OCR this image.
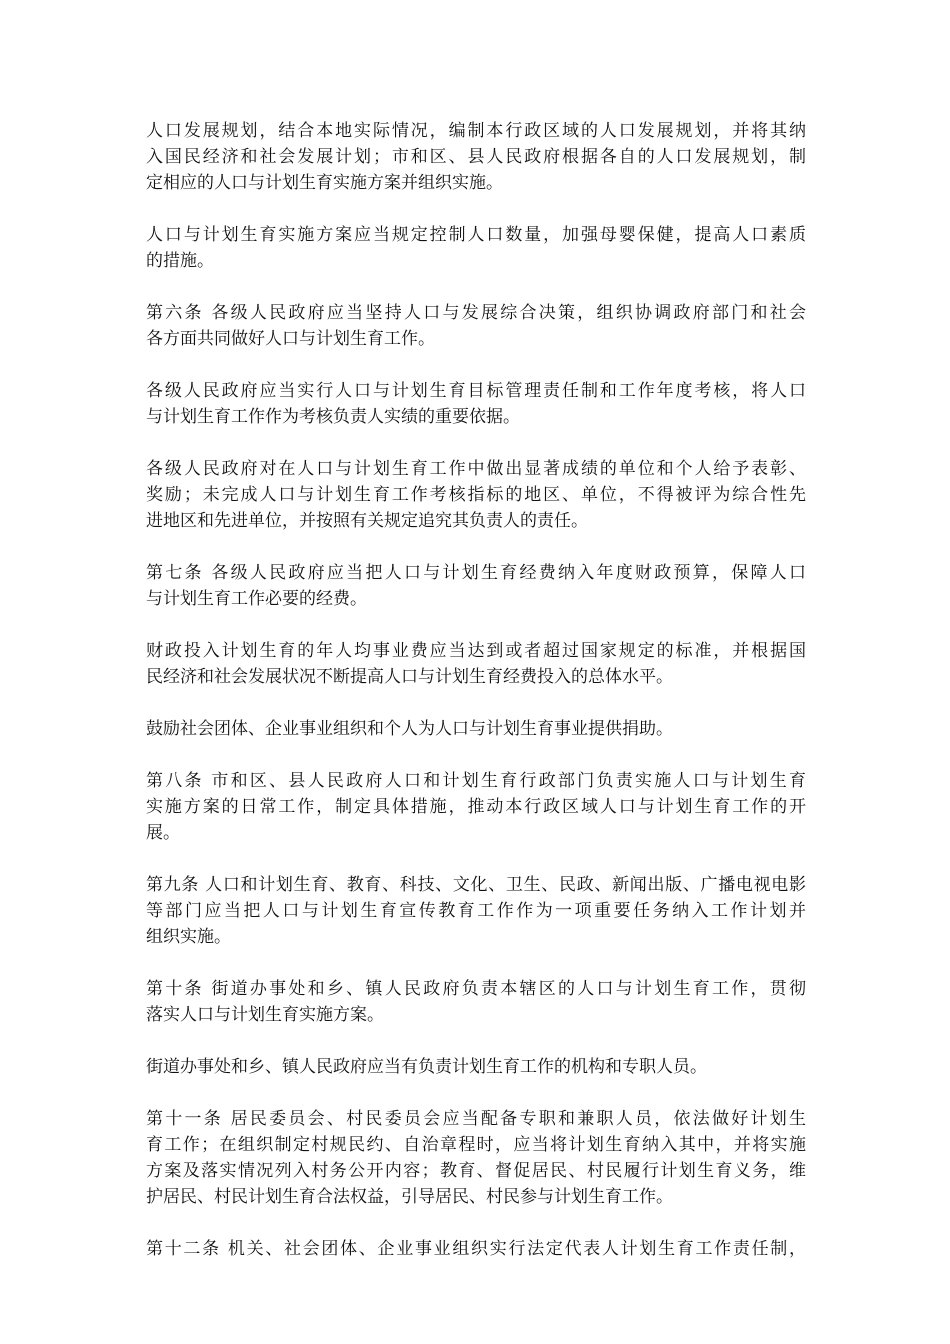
人口发展规划，结合本地实际情况，编制本行政区域的人口发展规划，并将其纳
入国民经济和社会发展计划；市和区、县人民政府根据各自的人口发展规划，制
定相应的人口与计划生育实施方案并组织实施。
人口与计划生育实施方案应当规定控制人口数量，加强母婴保健，提高人口素质
的措施。
第六条 各级人民政府应当坚持人口与发展综合决策，组织协调政府部门和社会
各方面共同做好人口与计划生育工作。
各级人民政府应当实行人口与计划生育目标管理责任制和工作年度考核，将人口
与计划生育工作作为考核负责人实绩的重要依据。
各级人民政府对在人口与计划生育工作中做出显著成绩的单位和个人给予表彰、
奖励；未完成人口与计划生育工作考核指标的地区、单位，不得被评为综合性先
进地区和先进单位，并按照有关规定追究其负责人的责任。
第七条 各级人民政府应当把人口与计划生育经费纳入年度财政预算，保障人口
与计划生育工作必要的经费。
财政投入计划生育的年人均事业费应当达到或者超过国家规定的标准，并根据国
民经济和社会发展状况不断提高人口与计划生育经费投入的总体水平。
鼓励社会团体、企业事业组织和个人为人口与计划生育事业提供捐助。
第八条 市和区、县人民政府人口和计划生育行政部门负责实施人口与计划生育
实施方案的日常工作，制定具体措施，推动本行政区域人口与计划生育工作的开
展。
第九条 人口和计划生育、教育、科技、文化、卫生、民政、新闻出版、广播电视电影
等部门应当把人口与计划生育宣传教育工作作为一项重要任务纳入工作计划并
组织实施。
第十条 街道办事处和乡、镇人民政府负责本辖区的人口与计划生育工作，贯彻
落实人口与计划生育实施方案。
街道办事处和乡、镇人民政府应当有负责计划生育工作的机构和专职人员。
第十一条 居民委员会、村民委员会应当配备专职和兼职人员，依法做好计划生
育工作；在组织制定村规民约、自治章程时，应当将计划生育纳入其中，并将实施
方案及落实情况列入村务公开内容；教育、督促居民、村民履行计划生育义务，维
护居民、村民计划生育合法权益，引导居民、村民参与计划生育工作。
第十二条 机关、社会团体、企业事业组织实行法定代表人计划生育工作责任制，
